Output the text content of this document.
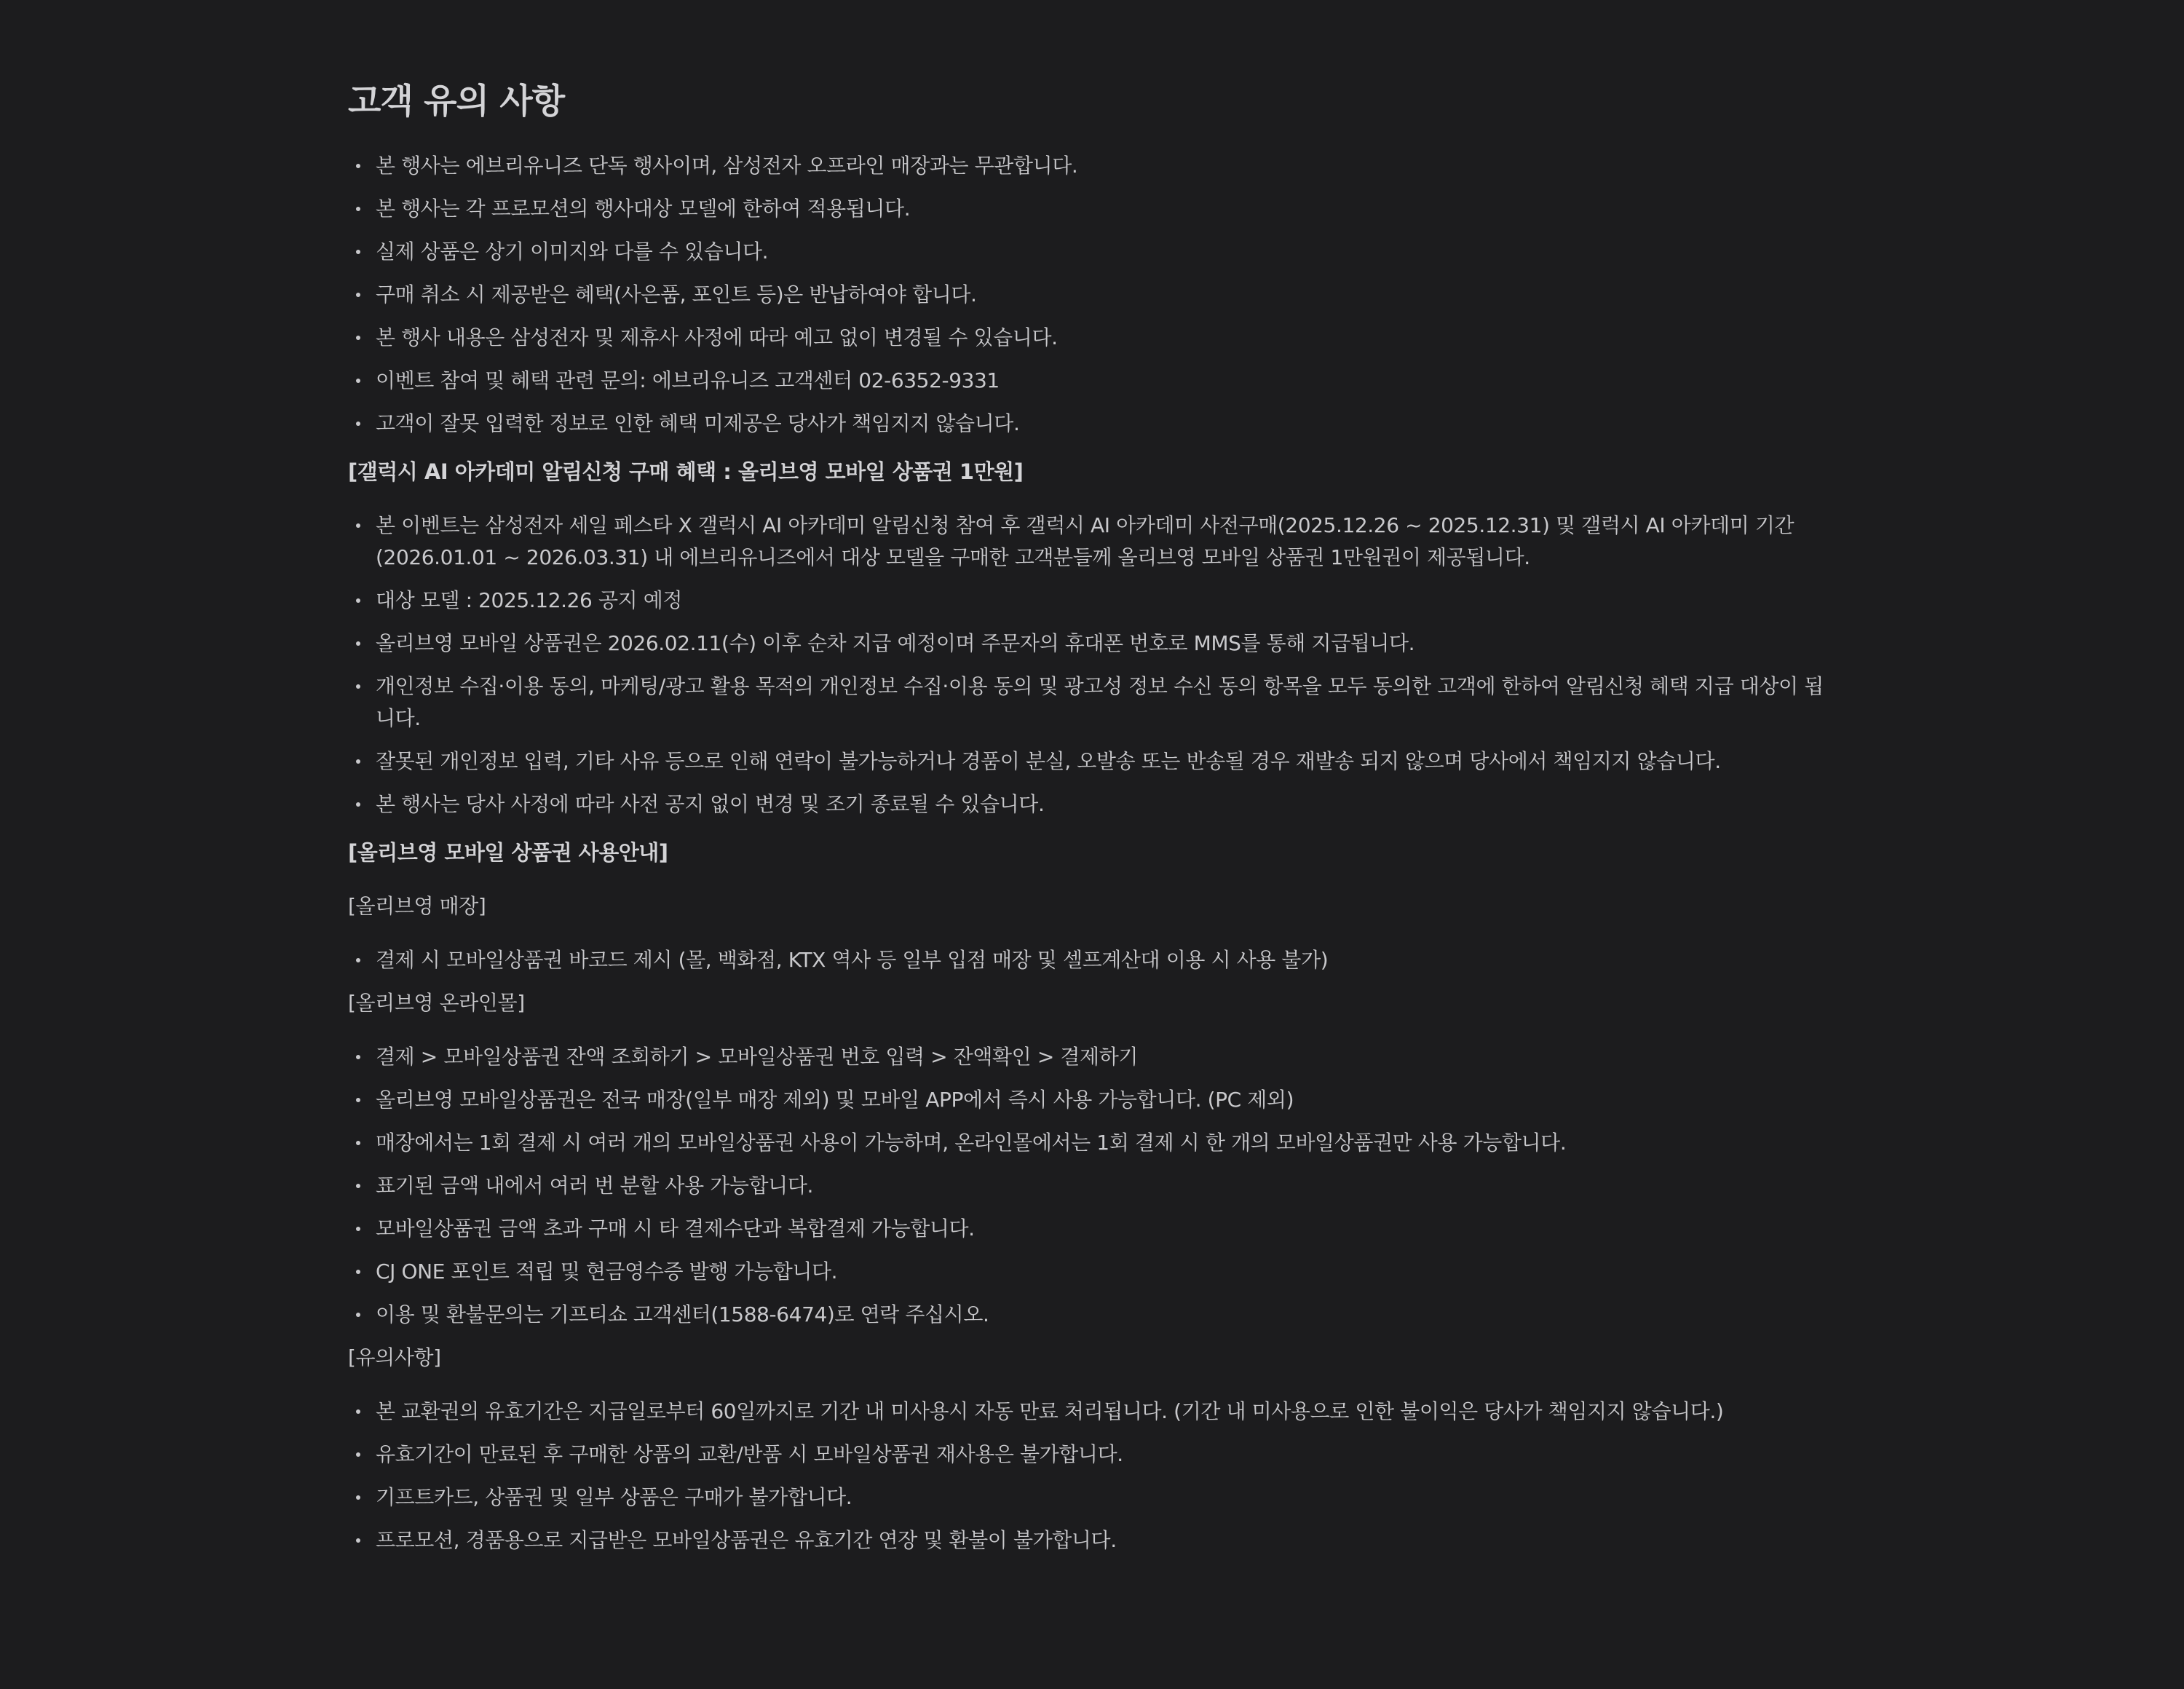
고객 유의 사항
본 행사는 에브리유니즈 단독 행사이며, 삼성전자 오프라인 매장과는 무관합니다.
본 행사는 각 프로모션의 행사대상 모델에 한하여 적용됩니다.
실제 상품은 상기 이미지와 다를 수 있습니다.
구매 취소 시 제공받은 혜택(사은품, 포인트 등)은 반납하여야 합니다.
본 행사 내용은 삼성전자 및 제휴사 사정에 따라 예고 없이 변경될 수 있습니다.
이벤트 참여 및 혜택 관련 문의: 에브리유니즈 고객센터 02-6352-9331
고객이 잘못 입력한 정보로 인한 혜택 미제공은 당사가 책임지지 않습니다.
[갤럭시 AI 아카데미 알림신청 구매 혜택 : 올리브영 모바일 상품권 1만원]
본 이벤트는 삼성전자 세일 페스타 X 갤럭시 AI 아카데미 알림신청 참여 후 갤럭시 AI 아카데미 사전구매(2025.12.26 ~ 2025.12.31) 및 갤럭시 AI 아카데미 기간(2026.01.01 ~ 2026.03.31) 내 에브리유니즈에서 대상 모델을 구매한 고객분들께 올리브영 모바일 상품권 1만원권이 제공됩니다.
대상 모델 : 2025.12.26 공지 예정
올리브영 모바일 상품권은 2026.02.11(수) 이후 순차 지급 예정이며 주문자의 휴대폰 번호로 MMS를 통해 지급됩니다.
개인정보 수집·이용 동의, 마케팅/광고 활용 목적의 개인정보 수집·이용 동의 및 광고성 정보 수신 동의 항목을 모두 동의한 고객에 한하여 알림신청 혜택 지급 대상이 됩니다.
잘못된 개인정보 입력, 기타 사유 등으로 인해 연락이 불가능하거나 경품이 분실, 오발송 또는 반송될 경우 재발송 되지 않으며 당사에서 책임지지 않습니다.
본 행사는 당사 사정에 따라 사전 공지 없이 변경 및 조기 종료될 수 있습니다.
[올리브영 모바일 상품권 사용안내]
[올리브영 매장]
결제 시 모바일상품권 바코드 제시 (몰, 백화점, KTX 역사 등 일부 입점 매장 및 셀프계산대 이용 시 사용 불가)
[올리브영 온라인몰]
결제 > 모바일상품권 잔액 조회하기 > 모바일상품권 번호 입력 > 잔액확인 > 결제하기
올리브영 모바일상품권은 전국 매장(일부 매장 제외) 및 모바일 APP에서 즉시 사용 가능합니다. (PC 제외)
매장에서는 1회 결제 시 여러 개의 모바일상품권 사용이 가능하며, 온라인몰에서는 1회 결제 시 한 개의 모바일상품권만 사용 가능합니다.
표기된 금액 내에서 여러 번 분할 사용 가능합니다.
모바일상품권 금액 초과 구매 시 타 결제수단과 복합결제 가능합니다.
CJ ONE 포인트 적립 및 현금영수증 발행 가능합니다.
이용 및 환불문의는 기프티쇼 고객센터(1588-6474)로 연락 주십시오.
[유의사항]
본 교환권의 유효기간은 지급일로부터 60일까지로 기간 내 미사용시 자동 만료 처리됩니다. (기간 내 미사용으로 인한 불이익은 당사가 책임지지 않습니다.)
유효기간이 만료된 후 구매한 상품의 교환/반품 시 모바일상품권 재사용은 불가합니다.
기프트카드, 상품권 및 일부 상품은 구매가 불가합니다.
프로모션, 경품용으로 지급받은 모바일상품권은 유효기간 연장 및 환불이 불가합니다.
